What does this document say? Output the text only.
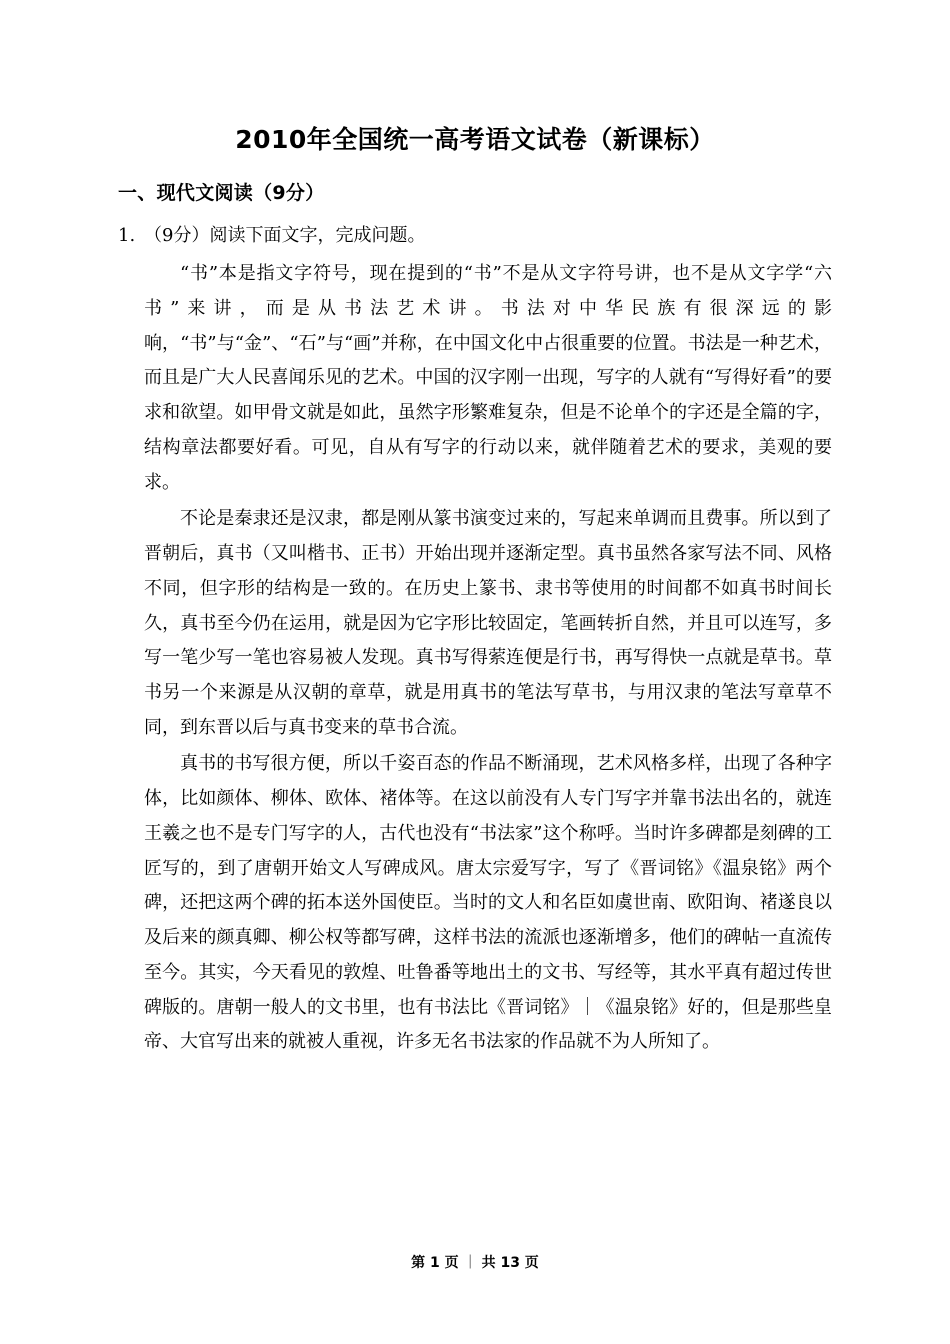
2010年全国统一高考语文试卷（新课标）
一、现代文阅读（9分）
1. （9分）阅读下面文字，完成问题。

“书”本是指文字符号，现在提到的“书”不是从文字符号讲，也不是从文字学“六书”来讲，而是从书法艺术讲。书法对中华民族有很深远的影响，“书”与“金”、“石”与“画”并称，在中国文化中占很重要的位置。书法是一种艺术，而且是广大人民喜闻乐见的艺术。中国的汉字刚一出现，写字的人就有“写得好看”的要求和欲望。如甲骨文就是如此，虽然字形繁难复杂，但是不论单个的字还是全篇的字，结构章法都要好看。可见，自从有写字的行动以来，就伴随着艺术的要求，美观的要求。

不论是秦隶还是汉隶，都是刚从篆书演变过来的，写起来单调而且费事。所以到了晋朝后，真书（又叫楷书、正书）开始出现并逐渐定型。真书虽然各家写法不同、风格不同，但字形的结构是一致的。在历史上篆书、隶书等使用的时间都不如真书时间长久，真书至今仍在运用，就是因为它字形比较固定，笔画转折自然，并且可以连写，多写一笔少写一笔也容易被人发现。真书写得萦连便是行书，再写得快一点就是草书。草书另一个来源是从汉朝的章草，就是用真书的笔法写草书，与用汉隶的笔法写章草不同，到东晋以后与真书变来的草书合流。

真书的书写很方便，所以千姿百态的作品不断涌现，艺术风格多样，出现了各种字体，比如颜体、柳体、欧体、褚体等。在这以前没有人专门写字并靠书法出名的，就连王羲之也不是专门写字的人，古代也没有“书法家”这个称呼。当时许多碑都是刻碑的工匠写的，到了唐朝开始文人写碑成风。唐太宗爱写字，写了《晋词铭》《温泉铭》两个碑，还把这两个碑的拓本送外国使臣。当时的文人和名臣如虞世南、欧阳询、褚遂良以及后来的颜真卿、柳公权等都写碑，这样书法的流派也逐渐增多，他们的碑帖一直流传至今。其实，今天看见的敦煌、吐鲁番等地出土的文书、写经等，其水平真有超过传世碑版的。唐朝一般人的文书里，也有书法比《晋词铭》｜《温泉铭》好的，但是那些皇帝、大官写出来的就被人重视，许多无名书法家的作品就不为人所知了。

第 1 页 ｜ 共 13 页
